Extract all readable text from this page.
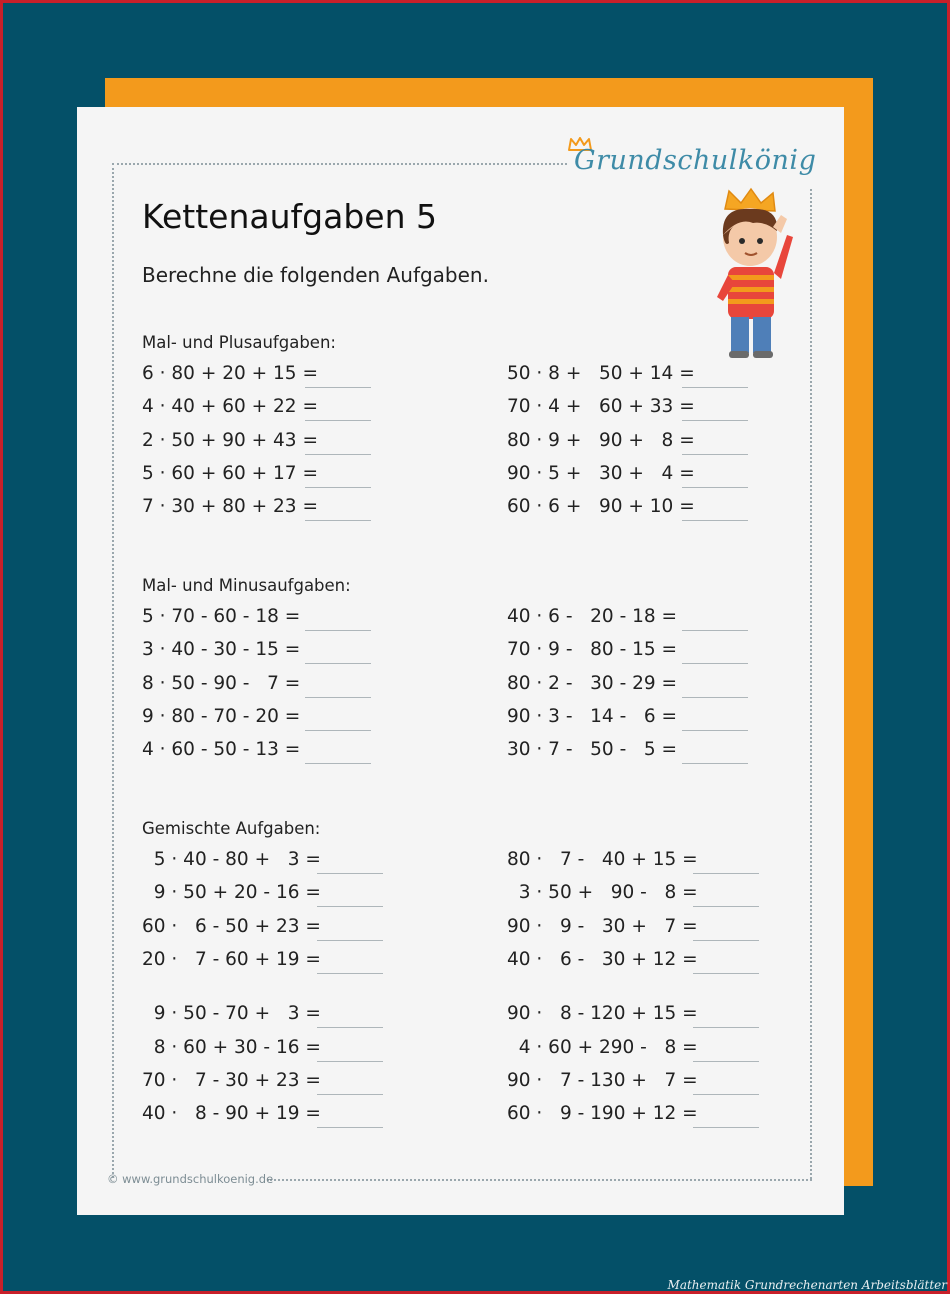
Grundschulkönig
Kettenaufgaben 5
Berechne die folgenden Aufgaben.
Mal- und Plusaufgaben:
6 · 80 + 20 + 15 =
4 · 40 + 60 + 22 =
2 · 50 + 90 + 43 =
5 · 60 + 60 + 17 =
7 · 30 + 80 + 23 =
50 · 8 +   50 + 14 =
70 · 4 +   60 + 33 =
80 · 9 +   90 +   8 =
90 · 5 +   30 +   4 =
60 · 6 +   90 + 10 =
Mal- und Minusaufgaben:
5 · 70 - 60 - 18 =
3 · 40 - 30 - 15 =
8 · 50 - 90 -   7 =
9 · 80 - 70 - 20 =
4 · 60 - 50 - 13 =
40 · 6 -   20 - 18 =
70 · 9 -   80 - 15 =
80 · 2 -   30 - 29 =
90 · 3 -   14 -   6 =
30 · 7 -   50 -   5 =
Gemischte Aufgaben:
5 · 40 - 80 +   3 =
9 · 50 + 20 - 16 =
60 ·   6 - 50 + 23 =
20 ·   7 - 60 + 19 =
9 · 50 - 70 +   3 =
8 · 60 + 30 - 16 =
70 ·   7 - 30 + 23 =
40 ·   8 - 90 + 19 =
80 ·   7 -   40 + 15 =
3 · 50 +   90 -   8 =
90 ·   9 -   30 +   7 =
40 ·   6 -   30 + 12 =
90 ·   8 - 120 + 15 =
4 · 60 + 290 -   8 =
90 ·   7 - 130 +   7 =
60 ·   9 - 190 + 12 =
© www.grundschulkoenig.de
Mathematik Grundrechenarten Arbeitsblätter
